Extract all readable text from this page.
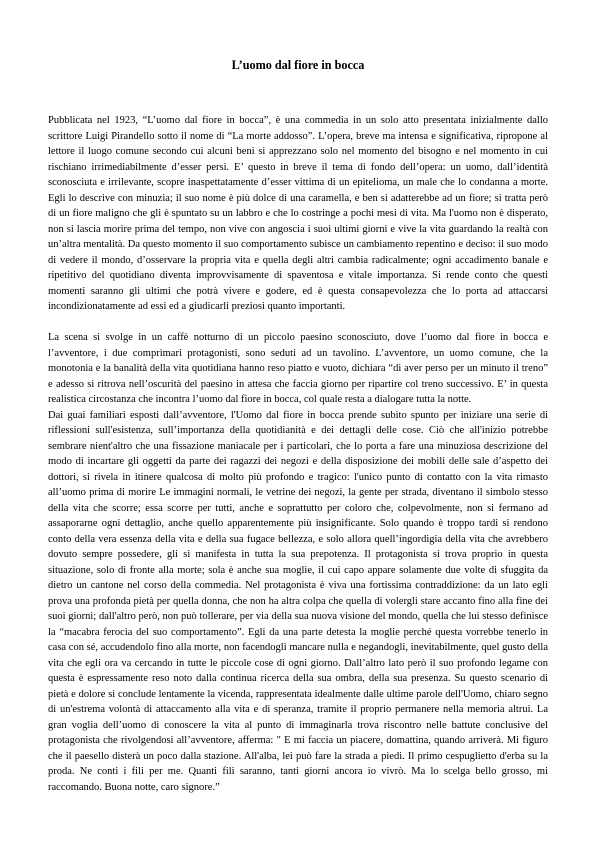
L’uomo dal fiore in bocca

Pubblicata nel 1923, “L’uomo dal fiore in bocca”, è una commedia in un solo atto presentata inizialmente dallo scrittore Luigi Pirandello sotto il nome di “La morte addosso”. L’opera, breve ma intensa e significativa, ripropone al lettore il luogo comune secondo cui alcuni beni si apprezzano solo nel momento del bisogno e nel momento in cui rischiano irrimediabilmente d’esser persi. E’ questo in breve il tema di fondo dell’opera: un uomo, dall’identità sconosciuta e irrilevante, scopre inaspettatamente d’esser vittima di un epitelioma, un male che lo condanna a morte. Egli lo descrive con minuzia; il suo nome è più dolce di una caramella, e ben si adatterebbe ad un fiore; si tratta però di un fiore maligno che gli è spuntato su un labbro e che lo costringe a pochi mesi di vita. Ma l'uomo non è disperato, non si lascia morire prima del tempo, non vive con angoscia i suoi ultimi giorni e vive la vita guardando la realtà con un’altra mentalità. Da questo momento il suo comportamento subisce un cambiamento repentino e deciso: il suo modo di vedere il mondo, d’osservare la propria vita e quella degli altri cambia radicalmente; ogni accadimento banale e ripetitivo del quotidiano diventa improvvisamente di spaventosa e vitale importanza. Si rende conto che questi momenti saranno gli ultimi che potrà vivere e godere, ed è questa consapevolezza che lo porta ad attaccarsi incondizionatamente ad essi ed a giudicarli preziosi quanto importanti.

La scena si svolge in un caffè notturno di un piccolo paesino sconosciuto, dove l’uomo dal fiore in bocca e l’avventore, i due comprimari protagonisti, sono seduti ad un tavolino. L’avventore, un uomo comune, che la monotonia e la banalità della vita quotidiana hanno reso piatto e vuoto, dichiara “di aver perso per un minuto il treno” e adesso si ritrova nell’oscurità del paesino in attesa che faccia giorno per ripartire col treno successivo. E’ in questa realistica circostanza che incontra l’uomo dal fiore in bocca, col quale resta a dialogare tutta la notte.

Dai guai familiari esposti dall’avventore, l'Uomo dal fiore in bocca prende subito spunto per iniziare una serie di riflessioni sull'esistenza, sull’importanza della quotidianità e dei dettagli delle cose. Ciò che all'inizio potrebbe sembrare nient'altro che una fissazione maniacale per i particolari, che lo porta a fare una minuziosa descrizione del modo di incartare gli oggetti da parte dei ragazzi dei negozi e della disposizione dei mobili delle sale d’aspetto dei dottori, si rivela in itinere qualcosa di molto più profondo e tragico: l'unico punto di contatto con la vita rimasto all’uomo prima di morire Le immagini normali, le vetrine dei negozi, la gente per strada, diventano il simbolo stesso della vita che scorre; essa scorre per tutti, anche e soprattutto per coloro che, colpevolmente, non si fermano ad assaporarne ogni dettaglio, anche quello apparentemente più insignificante. Solo quando è troppo tardi si rendono conto della vera essenza della vita e della sua fugace bellezza, e solo allora quell’ingordigia della vita che avrebbero dovuto sempre possedere, gli si manifesta in tutta la sua prepotenza. Il protagonista si trova proprio in questa situazione, solo di fronte alla morte; sola è anche sua moglie, il cui capo appare solamente due volte di sfuggita da dietro un cantone nel corso della commedia. Nel protagonista è viva una fortissima contraddizione: da un lato egli prova una profonda pietà per quella donna, che non ha altra colpa che quella di volergli stare accanto fino alla fine dei suoi giorni; dall'altro però, non può tollerare, per via della sua nuova visione del mondo, quella che lui stesso definisce la “macabra ferocia del suo comportamento”. Egli da una parte detesta la moglie perché questa vorrebbe tenerlo in casa con sé, accudendolo fino alla morte, non facendogli mancare nulla e negandogli, inevitabilmente, quel gusto della vita che egli ora va cercando in tutte le piccole cose di ogni giorno. Dall’altro lato però il suo profondo legame con questa è espressamente reso noto dalla continua ricerca della sua ombra, della sua presenza. Su questo scenario di pietà e dolore si conclude lentamente la vicenda, rappresentata idealmente dalle ultime parole dell'Uomo, chiaro segno di un'estrema volontà di attaccamento alla vita e di speranza, tramite il proprio permanere nella memoria altrui. La gran voglia dell’uomo di conoscere la vita al punto di immaginarla trova riscontro nelle battute conclusive del protagonista che rivolgendosi all’avventore, afferma: " E mi faccia un piacere, domattina, quando arriverà. Mi figuro che il paesello disterà un poco dalla stazione. All'alba, lei può fare la strada a piedi. Il primo cespuglietto d'erba su la proda. Ne conti i fili per me. Quanti fili saranno, tanti giorni ancora io vivrò. Ma lo scelga bello grosso, mi raccomando. Buona notte, caro signore.”
